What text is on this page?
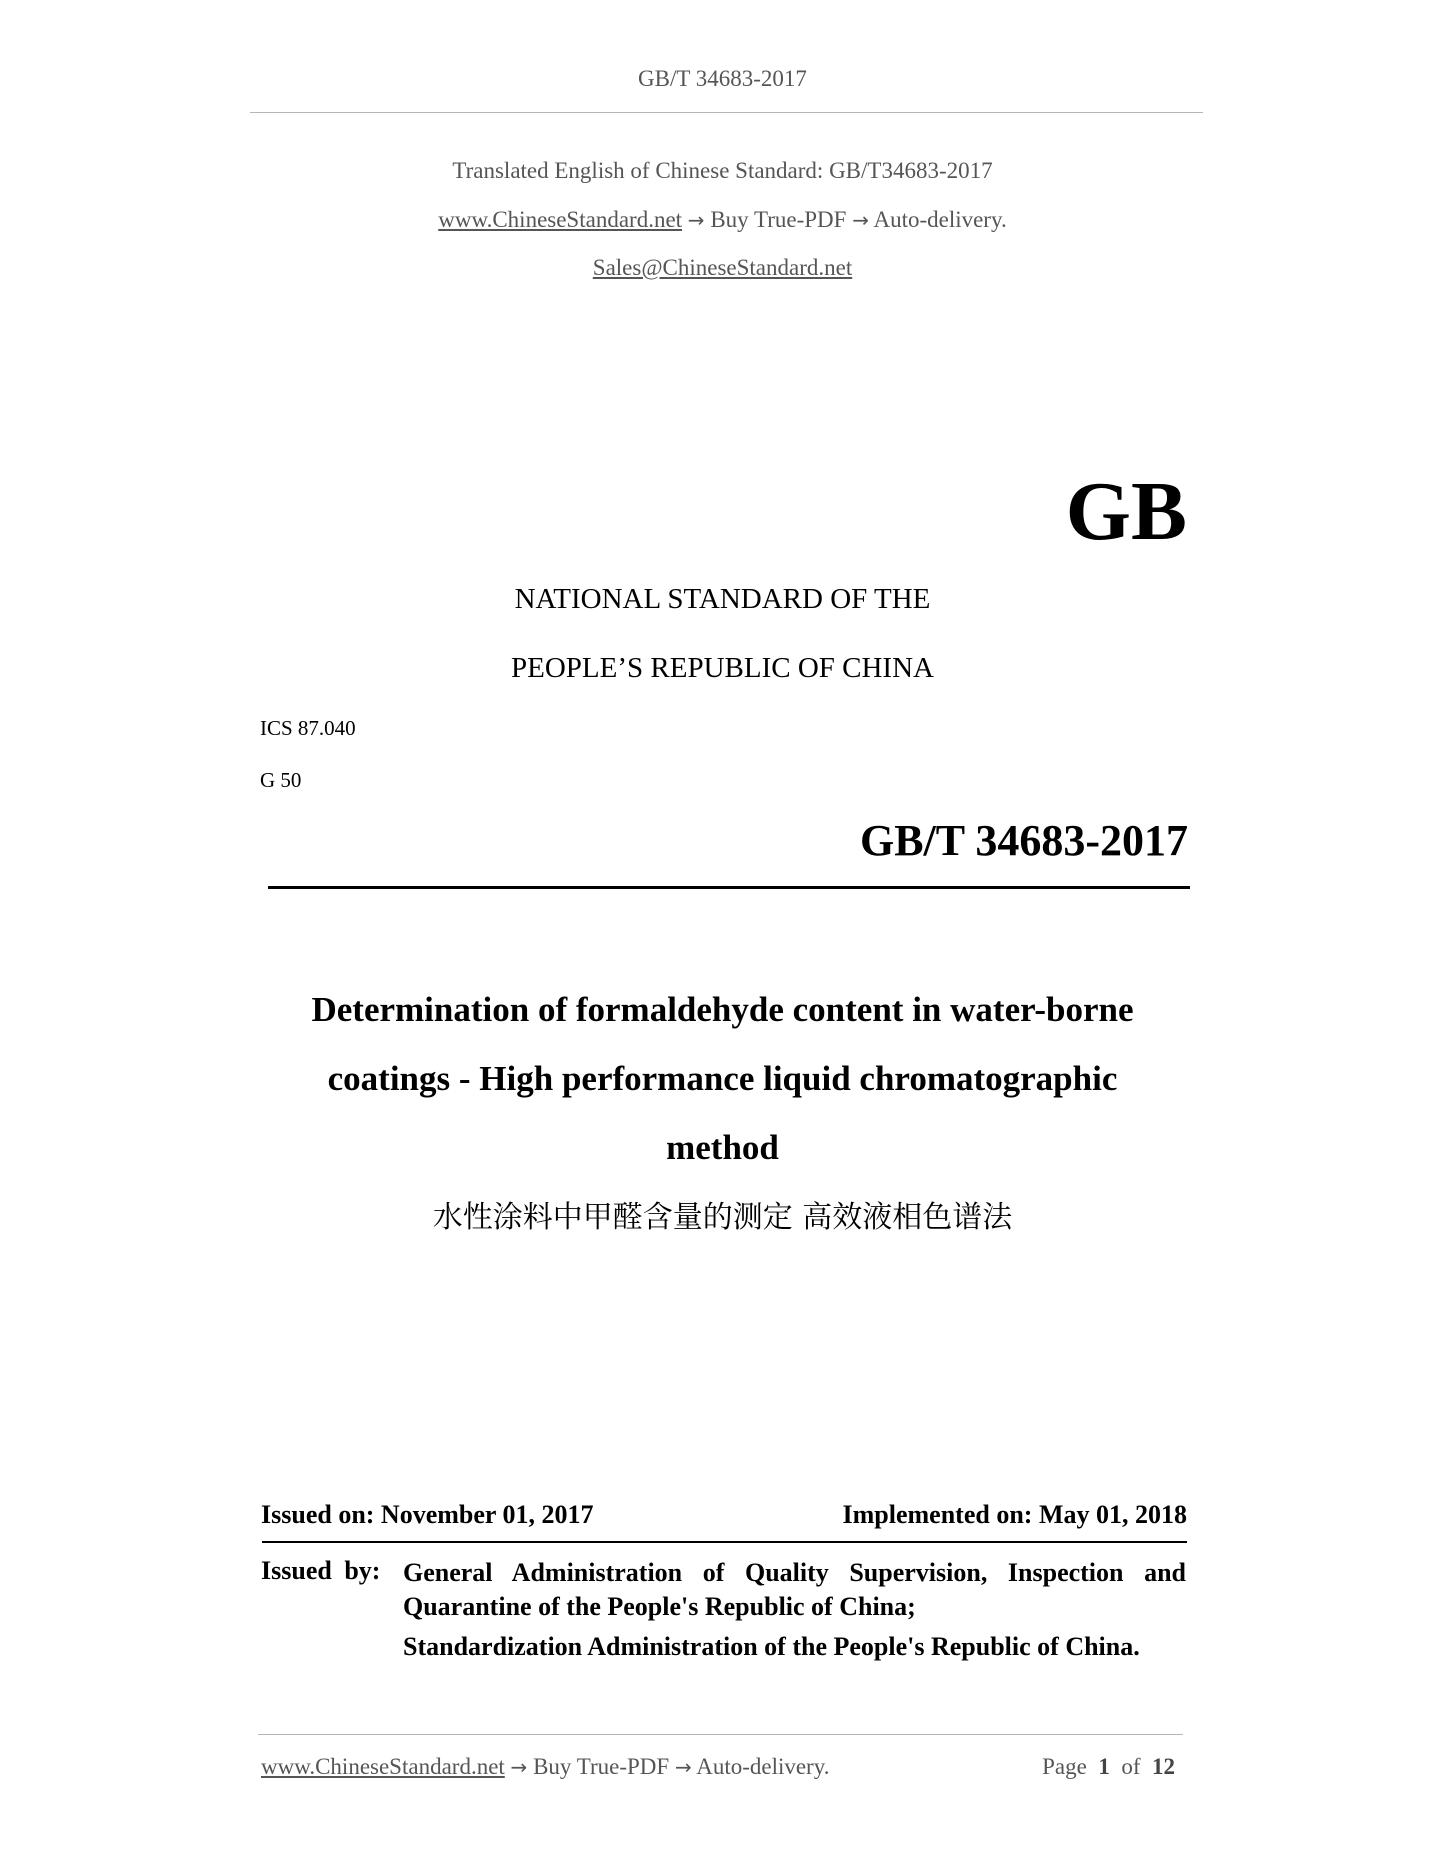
GB/T 34683-2017
Translated English of Chinese Standard: GB/T34683-2017
www.ChineseStandard.net → Buy True-PDF → Auto-delivery.
Sales@ChineseStandard.net
GB
NATIONAL STANDARD OF THE
PEOPLE’S REPUBLIC OF CHINA
ICS 87.040
G 50
GB/T 34683-2017
Determination of formaldehyde content in water-borne
coatings - High performance liquid chromatographic
method
水性涂料中甲醛含量的测定 高效液相色谱法
Issued on: November 01, 2017	Implemented on: May 01, 2018
Issued by: General Administration of Quality Supervision, Inspection and
Quarantine of the People's Republic of China;
Standardization Administration of the People's Republic of China.
www.ChineseStandard.net → Buy True-PDF → Auto-delivery.	Page 1 of 12
